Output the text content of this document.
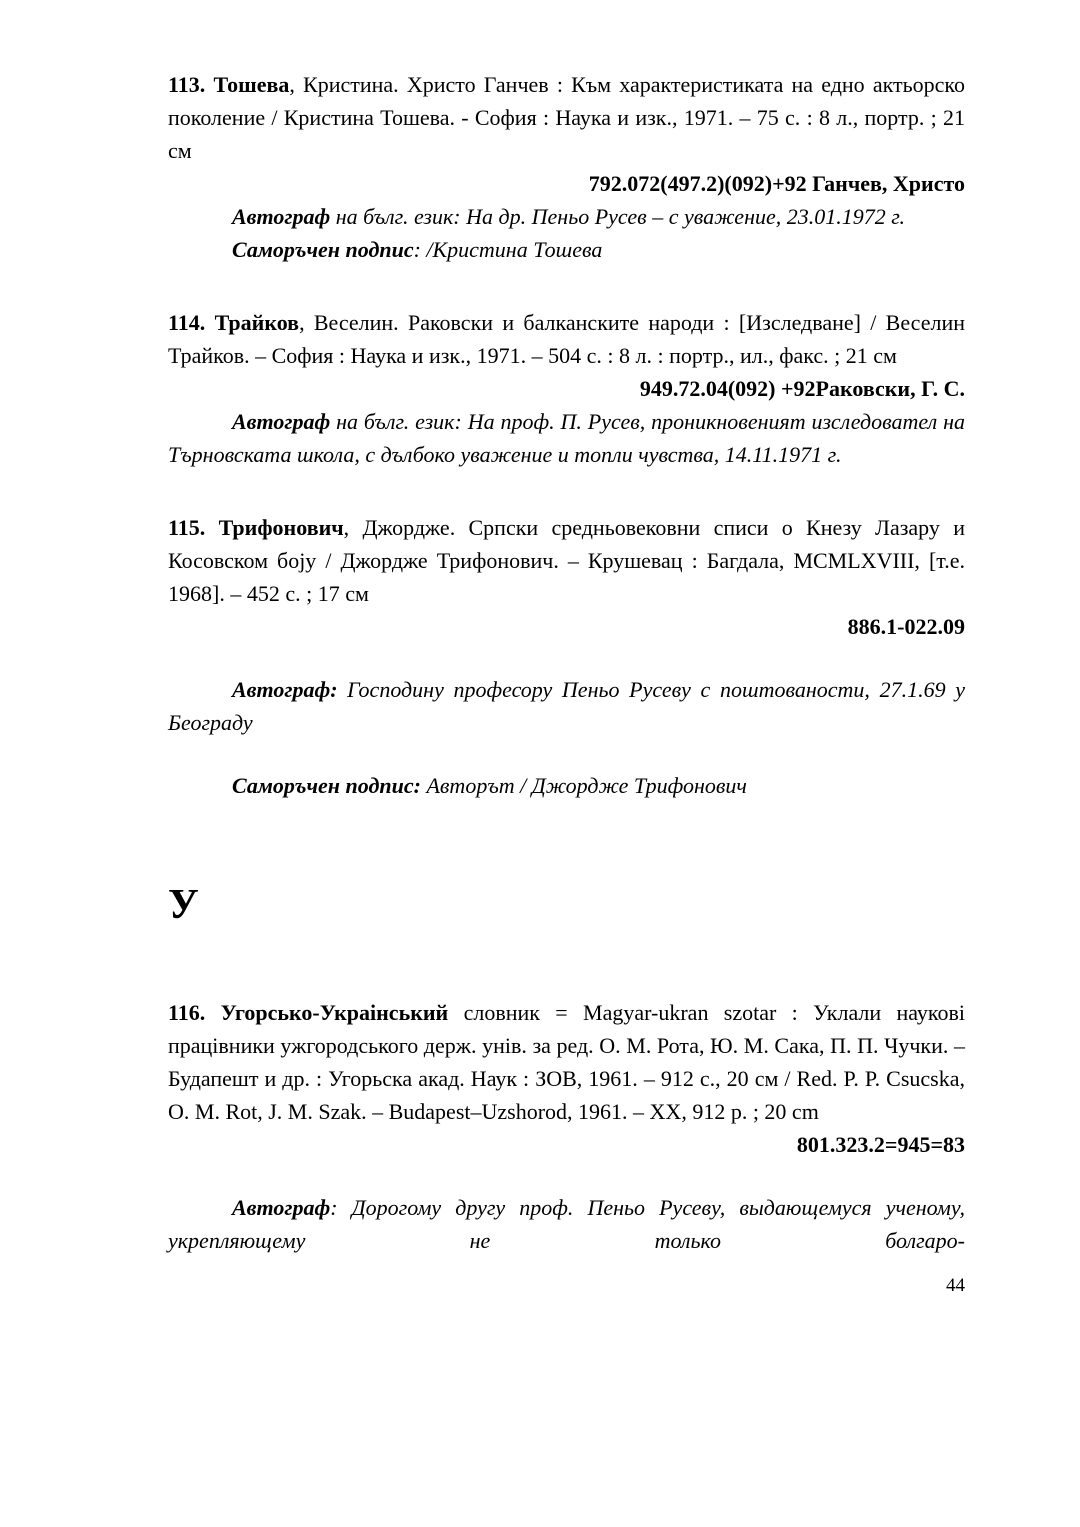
113. Тошева, Кристина. Христо Ганчев : Към характеристиката на едно актьорско поколение / Кристина Тошева. - София : Наука и изк., 1971. – 75 с. : 8 л., портр. ; 21 см

792.072(497.2)(092)+92 Ганчев, Христо

Автограф на бълг. език: На др. Пеньо Русев – с уважение, 23.01.1972 г.

Саморъчен подпис: /Кристина Тошева

114. Трайков, Веселин. Раковски и балканските народи : [Изследване] / Веселин Трайков. – София : Наука и изк., 1971. – 504 с. : 8 л. : портр., ил., факс. ; 21 см

949.72.04(092) +92Раковски, Г. С.

Автограф на бълг. език: На проф. П. Русев, проникновеният изследовател на Търновската школа, с дълбоко уважение и топли чувства, 14.11.1971 г.

115. Трифонович, Джордже. Српски средньовековни списи о Кнезу Лазару и Косовском боjу / Джордже Трифонович. – Крушевац : Багдала, MCMLXVIII, [т.е. 1968]. – 452 с. ; 17 см

886.1-022.09

Автограф: Господину професору Пеньо Русеву с поштованости, 27.1.69 у Београду

Саморъчен подпис: Авторът / Джордже Трифонович

У

116. Угорсько-Украінський словник = Magyar-ukran szotar : Уклали наукові працівники ужгородського держ. унів. за ред. О. М. Рота, Ю. М. Сака, П. П. Чучки. – Будапешт и др. : Угорьска акад. Наук : ЗОВ, 1961. – 912 с., 20 см / Red. P. P. Csucska, O. M. Rot, J. M. Szak. – Budapest–Uzshorod, 1961. – XX, 912 p. ; 20 cm

801.323.2=945=83

Автограф: Дорогому другу проф. Пеньо Русеву, выдающемуся ученому, укрепляющему не только болгаро-

44
